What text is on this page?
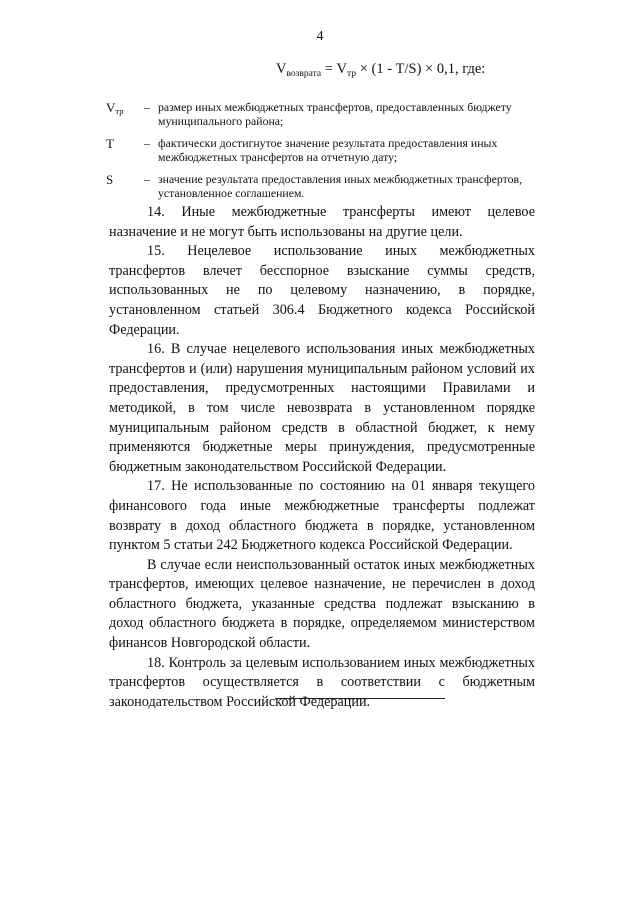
4
$V_{возврата} = V_{тр} \times (1 - T/S) \times 0,1$, где:
$V_{тр}$	– размер иных межбюджетных трансфертов, предоставленных бюджету муниципального района;
T	– фактически достигнутое значение результата предоставления иных межбюджетных трансфертов на отчетную дату;
S	– значение результата предоставления иных межбюджетных трансфертов, установленное соглашением.

14. Иные межбюджетные трансферты имеют целевое назначение и не могут быть использованы на другие цели.

15. Нецелевое использование иных межбюджетных трансфертов влечет бесспорное взыскание суммы средств, использованных не по целевому назначению, в порядке, установленном статьей 306.4 Бюджетного кодекса Российской Федерации.

16. В случае нецелевого использования иных межбюджетных трансфертов и (или) нарушения муниципальным районом условий их предоставления, предусмотренных настоящими Правилами и методикой, в том числе невозврата в установленном порядке муниципальным районом средств в областной бюджет, к нему применяются бюджетные меры принуждения, предусмотренные бюджетным законодательством Российской Федерации.

17. Не использованные по состоянию на 01 января текущего финансового года иные межбюджетные трансферты подлежат возврату в доход областного бюджета в порядке, установленном пунктом 5 статьи 242 Бюджетного кодекса Российской Федерации.

В случае если неиспользованный остаток иных межбюджетных трансфертов, имеющих целевое назначение, не перечислен в доход областного бюджета, указанные средства подлежат взысканию в доход областного бюджета в порядке, определяемом министерством финансов Новгородской области.

18. Контроль за целевым использованием иных межбюджетных трансфертов осуществляется в соответствии с бюджетным законодательством Российской Федерации.
